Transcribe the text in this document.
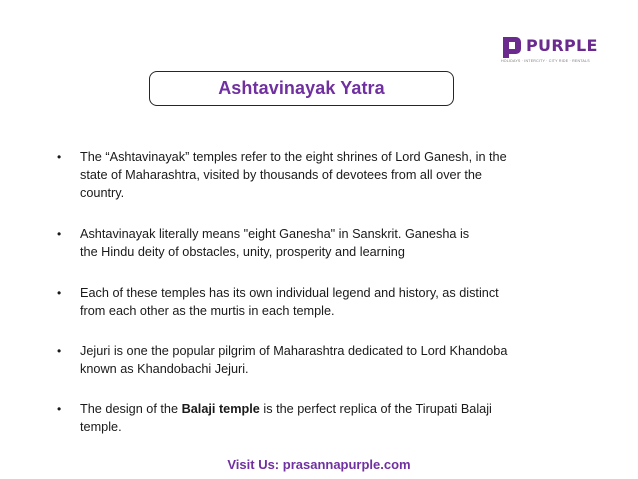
PURPLE
HOLIDAYS · INTERCITY · CITY RIDE · RENTALS
Ashtavinayak Yatra
• The “Ashtavinayak” temples refer to the eight shrines of Lord Ganesh, in the
state of Maharashtra, visited by thousands of devotees from all over the
country.
• Ashtavinayak literally means "eight Ganesha" in Sanskrit. Ganesha is
the Hindu deity of obstacles, unity, prosperity and learning
• Each of these temples has its own individual legend and history, as distinct
from each other as the murtis in each temple.
• Jejuri is one the popular pilgrim of Maharashtra dedicated to Lord Khandoba
known as Khandobachi Jejuri.
• The design of the Balaji temple is the perfect replica of the Tirupati Balaji
temple.
Visit Us: prasannapurple.com
